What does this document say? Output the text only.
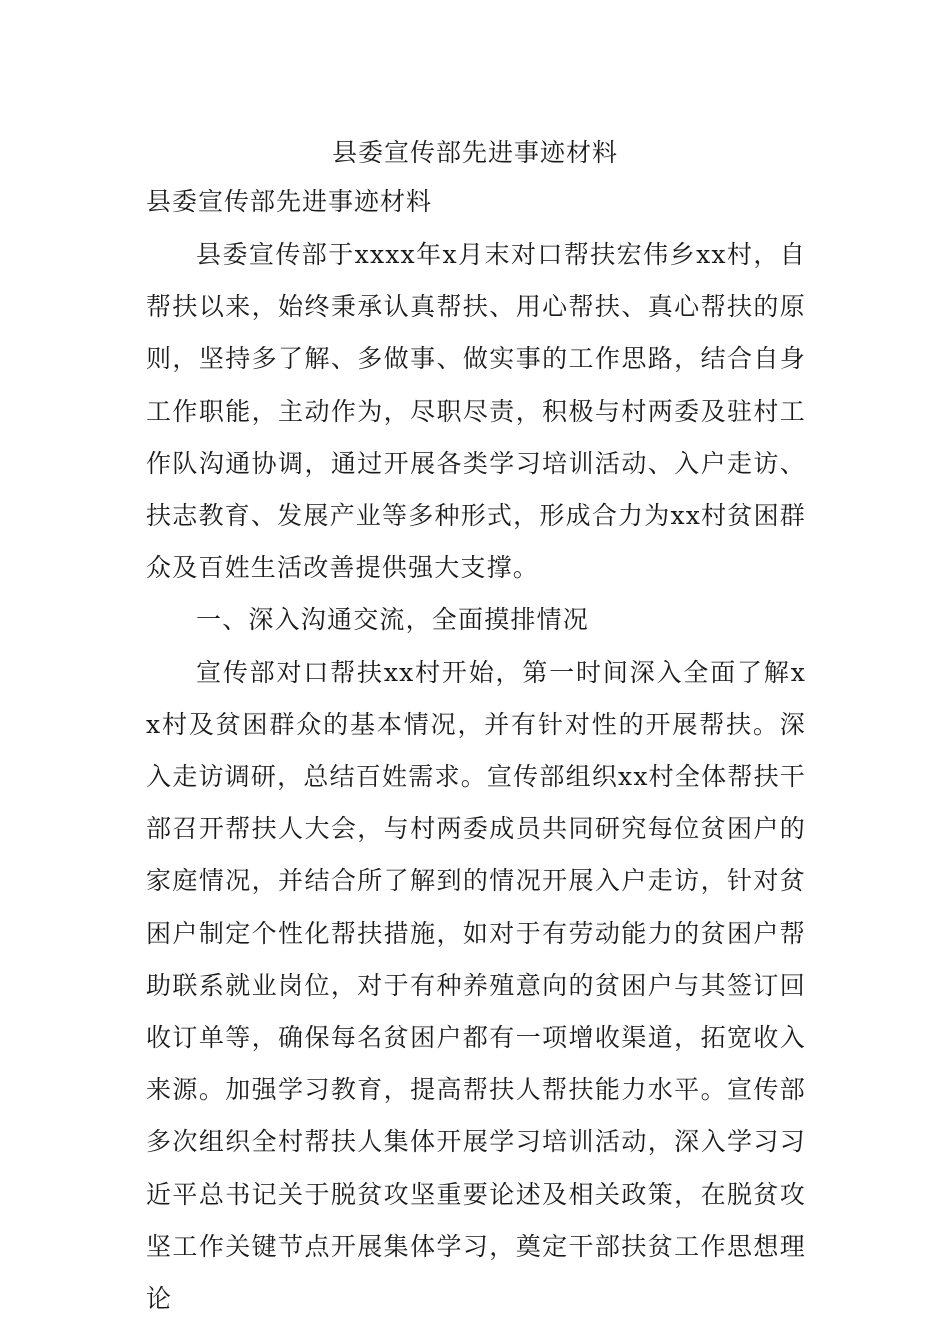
县委宣传部先进事迹材料
县委宣传部先进事迹材料

县委宣传部于xxxx年x月末对口帮扶宏伟乡xx村，自帮扶以来，始终秉承认真帮扶、用心帮扶、真心帮扶的原则，坚持多了解、多做事、做实事的工作思路，结合自身工作职能，主动作为，尽职尽责，积极与村两委及驻村工作队沟通协调，通过开展各类学习培训活动、入户走访、扶志教育、发展产业等多种形式，形成合力为xx村贫困群众及百姓生活改善提供强大支撑。

一、深入沟通交流，全面摸排情况

宣传部对口帮扶xx村开始，第一时间深入全面了解xx村及贫困群众的基本情况，并有针对性的开展帮扶。深入走访调研，总结百姓需求。宣传部组织xx村全体帮扶干部召开帮扶人大会，与村两委成员共同研究每位贫困户的家庭情况，并结合所了解到的情况开展入户走访，针对贫困户制定个性化帮扶措施，如对于有劳动能力的贫困户帮助联系就业岗位，对于有种养殖意向的贫困户与其签订回收订单等，确保每名贫困户都有一项增收渠道，拓宽收入来源。加强学习教育，提高帮扶人帮扶能力水平。宣传部多次组织全村帮扶人集体开展学习培训活动，深入学习习近平总书记关于脱贫攻坚重要论述及相关政策，在脱贫攻坚工作关键节点开展集体学习，奠定干部扶贫工作思想理论
